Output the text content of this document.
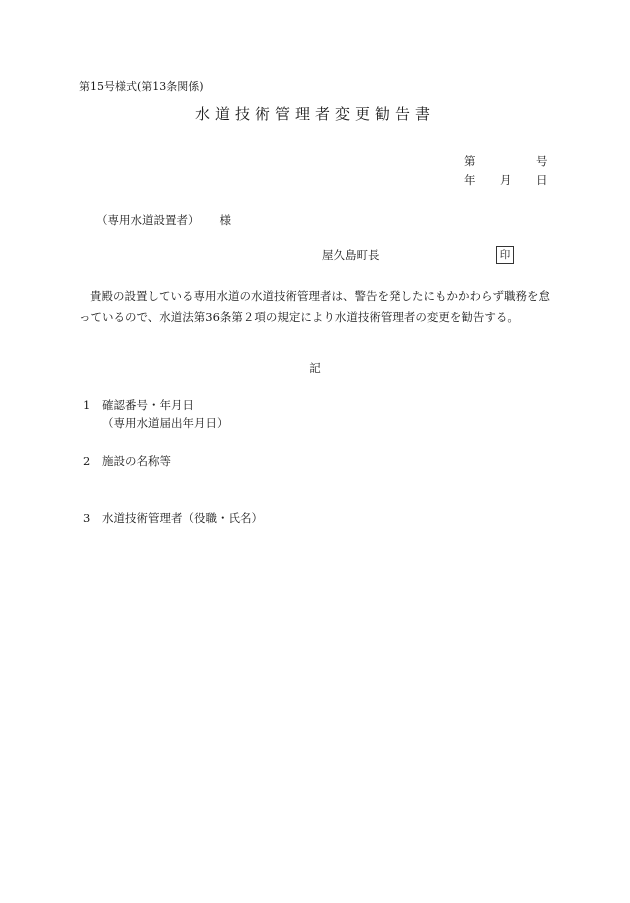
第15号様式(第13条関係)
水道技術管理者変更勧告書
第	号
年 月 日
（専用水道設置者） 様
屋久島町長	印
貴殿の設置している専用水道の水道技術管理者は、警告を発したにもかかわらず職務を怠っているので、水道法第36条第２項の規定により水道技術管理者の変更を勧告する。
記
1 確認番号・年月日
（専用水道届出年月日）
2 施設の名称等
3 水道技術管理者（役職・氏名）
